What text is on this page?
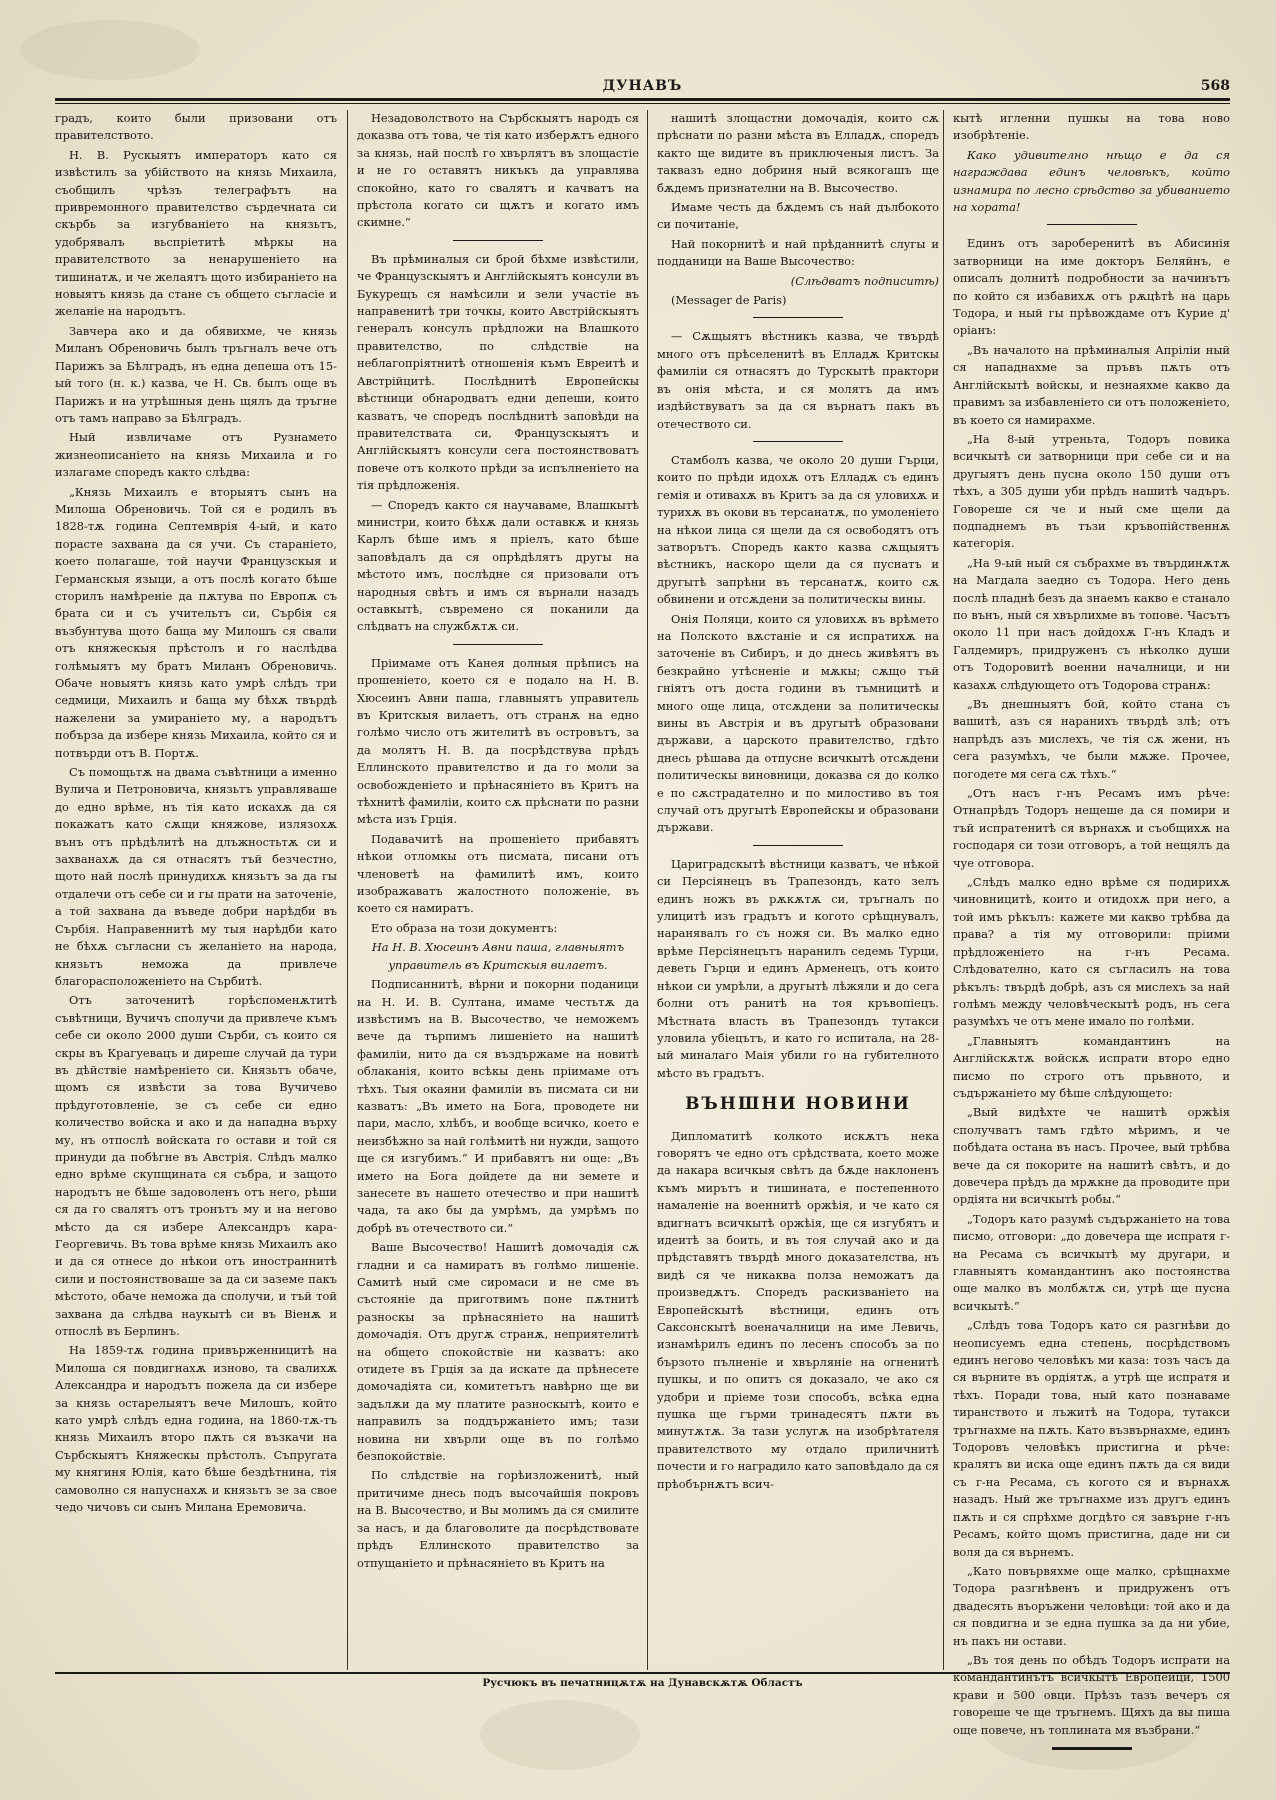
ДУНАВЪ	568

градъ, които были призовани отъ правителството.

Н. В. Рускыятъ императоръ като ся извѣстилъ за убійството на князь Михаила, съобщилъ чрѣзъ телеграфътъ на привремонного правителство сърдечната си скърбь за изгубваніето на князьтъ, удобрявалъ вьспріетитѣ мѣркы на правителството за ненарушеніето на тишинатѫ, и че желаятъ щото избираніето на новыятъ князь да стане съ общето съгласіе и желаніе на народътъ.

Завчера ако и да обявихме, че князь Миланъ Обреновичь былъ тръгналъ вече отъ Парижъ за Бѣлградъ, нъ една депеша отъ 15-ый того (н. к.) казва, че Н. Св. былъ още въ Парижъ и на утрѣшныя день щялъ да тръгне отъ тамъ направо за Бѣлградъ.

Ный извличаме отъ Рузнамето жизнеописаніето на князь Михаила и го излагаме споредъ както слѣдва:

„Князь Михаилъ е вторыятъ сынъ на Милоша Обреновичь. Той ся е родилъ въ 1828-тѫ година Септемврія 4-ый, и като порасте захвана да ся учи. Съ стараніето, което полагаше, той научи Французскыя и Германскыя языци, а отъ послѣ когато бѣше сторилъ намѣреніе да пѫтува по Европѫ съ брата си и съ учительтъ си, Сърбія ся възбунтува щото баща му Милошъ ся свали отъ княжескыя прѣстолъ и го наслѣдва голѣмыятъ му братъ Миланъ Обреновичь. Обаче новыятъ князь като умрѣ слѣдъ три седмици, Михаилъ и баща му бѣхѫ твърдѣ нажелени за умираніето му, а народътъ побърза да избере князь Михаила, който ся и потвърди отъ В. Портѫ.

Съ помощьтѫ на двама съвѣтници а именно Вулича и Петроновича, князьтъ управляваше до едно врѣме, нъ тія като искахѫ да ся покажатъ като сѫщи княжове, излязохѫ вънъ отъ прѣдѣлитѣ на длъжностьтѫ си и захванахѫ да ся отнасятъ тъй безчестно, щото най послѣ принудихѫ князьтъ за да гы отдалечи отъ себе си и гы прати на заточеніе, а той захвана да въведе добри нарѣдби въ Сърбія. Направеннитѣ му тыя нарѣдби като не бѣхѫ съгласни съ желаніето на народа, князьтъ неможа да привлече благорасположеніето на Сърбитѣ.

Отъ заточенитѣ горѣспоменѫтитѣ съвѣтници, Вучичъ сполучи да привлече къмъ себе си около 2000 души Сърби, съ които ся скры въ Крагуевацъ и диреше случай да тури въ дѣйствіе намѣреніето си. Князьтъ обаче, щомъ ся извѣсти за това Вучичево прѣдуготовленіе, зе съ себе си едно количество войска и ако и да нападна върху му, нъ отпослѣ войската го остави и той ся принуди да побѣгне въ Австрія. Слѣдъ малко едно врѣме скупщината ся събра, и защото народътъ не бѣше задоволенъ отъ него, рѣши ся да го свалятъ отъ тронътъ му и на негово мѣсто да ся избере Александръ кара-Георгевичь. Въ това врѣме князь Михаилъ ако и да ся отнесе до нѣкои отъ иностраннитѣ сили и постоянствоваше за да си заземе пакъ мѣстото, обаче неможа да сполучи, и тъй той захвана да слѣдва наукытѣ си въ Віенѫ и отпослѣ въ Берлинъ.

На 1859-тѫ година привърженницитѣ на Милоша ся повдигнахѫ изново, та свалихѫ Александра и народътъ пожела да си избере за князь остарелыятъ вече Милошъ, който като умрѣ слѣдъ една година, на 1860-тѫ-тъ князь Михаилъ второ пѫть ся възкачи на Сърбскыятъ Княжескы прѣстолъ. Съпругата му княгиня Юлія, като бѣше бездѣтнина, тія самоволно ся напуснахѫ и князьтъ зе за свое чедо чичовъ си сынъ Милана Еремовича.

Незадоволството на Сърбскыятъ народъ ся доказва отъ това, че тія като изберѫтъ едного за князь, най послѣ го хвърлятъ въ злощастіе и не го оставятъ никъкъ да управлява спокойно, като го свалятъ и качватъ на прѣстола когато си щѫтъ и когато имъ скимне.“

Въ прѣминалыя си брой бѣхме извѣстили, че Французскыятъ и Англійскыятъ консули въ Букурещъ ся намѣсили и зели участіе въ направенитѣ три точкы, които Австрійскыятъ генералъ консулъ прѣдложи на Влашкото правителство, по слѣдствіе на неблагопріятнитѣ отношенія къмъ Евреитѣ и Австрійцитѣ. Послѣднитѣ Европейскы вѣстници обнародватъ едни депеши, които казватъ, че споредъ послѣднитѣ заповѣди на правителствата си, Французскыятъ и Англійскыятъ консули сега постоянствоватъ повече отъ колкото прѣди за испълненіето на тія прѣдложенія.

— Споредъ както ся научаваме, Влашкытѣ министри, които бѣхѫ дали оставкѫ и князь Карлъ бѣше имъ я пріелъ, като бѣше заповѣдалъ да ся опрѣдѣлятъ другы на мѣстото имъ, послѣдне ся призовали отъ народныя свѣтъ и имъ ся върнали назадъ оставкытѣ, съвремено ся поканили да слѣдватъ на службѫтѫ си.

Пріимаме отъ Канея долныя прѣписъ на прошеніето, което ся е подало на Н. В. Хюсеинъ Авни паша, главныятъ управитель въ Критскыя вилаетъ, отъ странѫ на едно голѣмо число отъ жителитѣ въ островътъ, за да молятъ Н. В. да посрѣдствува прѣдъ Еллинското правителство и да го моли за освобожденіето и прѣнасяніето въ Критъ на тѣхнитѣ фамиліи, които сѫ прѣснати по разни мѣста изъ Грція.

Подавачитѣ на прошеніето прибавятъ нѣкои отломкы отъ писмата, писани отъ членоветѣ на фамилитѣ имъ, които изображаватъ жалостното положеніе, въ което ся намиратъ.

Ето образа на този документъ:

На Н. В. Хюсеинъ Авни паша, главныятъ управитель въ Критскыя вилаетъ.

Подписаннитѣ, вѣрни и покорни поданици на Н. И. В. Султана, имаме честьтѫ да извѣстимъ на В. Высочество, че неможемъ вече да търпимъ лишеніето на нашитѣ фамиліи, нито да ся въздържаме на новитѣ облаканія, които всѣкы день пріимаме отъ тѣхъ. Тыя окаяни фамиліи въ писмата си ни казватъ: „Въ името на Бога, проводете ни пари, масло, хлѣбъ, и вообще всичко, което е неизбѣжно за най голѣмитѣ ни нужди, защото ще ся изгубимъ.“ И прибавятъ ни още: „Въ името на Бога дойдете да ни земете и занесете въ нашето отечество и при нашитѣ чада, та ако бы да умрѣмъ, да умрѣмъ по добрѣ въ отечеството си.“

Ваше Высочество! Нашитѣ домочадія сѫ гладни и са намиратъ въ голѣмо лишеніе. Самитѣ ный сме сиромаси и не сме въ състояніе да приготвимъ поне пѫтнитѣ разноскы за прѣнасяніето на нашитѣ домочадія. Отъ другѫ странѫ, неприятелитѣ на общето спокойствіе ни казватъ: ако отидете въ Грція за да искате да прѣнесете домочадіята си, комитетътъ навѣрно ще ви задълѫи да му платите разноскытѣ, които е направилъ за поддържаніето имъ; тази новина ни хвърли още въ по голѣмо безпокойствіе.

По слѣдствіе на горѣизложенитѣ, ный притичиме днесь подъ высочайшія покровъ на В. Высочество, и Вы молимъ да ся смилите за насъ, и да благоволите да посрѣдствовате прѣдъ Еллинското правителство за отпущаніето и прѣнасяніето въ Критъ на

нашитѣ злощастни домочадія, които сѫ прѣснати по разни мѣста въ Елладѫ, споредъ както ще видите въ приключеныя листъ. За таквазъ едно добриня ный всякогашъ ще бѫдемъ признателни на В. Высочество.

Имаме честь да бѫдемъ съ най дълбокото си почитаніе,

Най покорнитѣ и най прѣданнитѣ слугы и подданици на Ваше Высочество:

(Слѣдватъ подписитѣ)

(Messager de Paris)

— Сѫщыятъ вѣстникъ казва, че твърдѣ много отъ прѣселенитѣ въ Елладѫ Критскы фамиліи ся отнасятъ до Турскытѣ практори въ онія мѣста, и ся молятъ да имъ издѣйствуватъ за да ся върнатъ пакъ въ отечеството си.

Стамболъ казва, че около 20 души Гърци, които по прѣди идохѫ отъ Елладѫ съ единъ гемія и отивахѫ въ Критъ за да ся уловихѫ и турихѫ въ окови въ терсанатѫ, по умоленіето на нѣкои лица ся щели да ся освободятъ отъ затворътъ. Споредъ както казва сѫщыятъ вѣстникъ, наскоро щели да ся пуснатъ и другытѣ запрѣни въ терсанатѫ, които сѫ обвинени и отсѫдени за политическы вины.

Онія Поляци, които ся уловихѫ въ врѣмето на Полското вѫстаніе и ся испратихѫ на заточеніе въ Сибиръ, и до днесь живѣятъ въ безкрайно утѣсненіе и мѫкы; сѫщо тъй гніятъ отъ доста години въ тъмницитѣ и много още лица, отсѫдени за политическы вины въ Австрія и въ другытѣ образовани държави, а царското правителство, гдѣто днесь рѣшава да отпусне всичкытѣ отсѫдени политическы виновници, доказва ся до колко е по сѫстрадателно и по милостиво въ тоя случай отъ другытѣ Европейскы и образовани държави.

Цариградскытѣ вѣстници казватъ, че нѣкой си Персіянецъ въ Трапезондъ, като зелъ единъ ножъ въ рѫкѫтѫ си, тръгналъ по улицитѣ изъ градътъ и когото срѣщнувалъ, наранявалъ го съ ножя си. Въ малко едно врѣме Персіянецътъ наранилъ седемь Турци, деветь Гърци и единъ Арменецъ, отъ които нѣкои си умрѣли, а другытѣ лѣжяли и до сега болни отъ ранитѣ на тоя кръвопіецъ. Мѣстната власть въ Трапезондъ тутакси уловила убіецътъ, и като го испитала, на 28-ый миналаго Маія убили го на губителното мѣсто въ градътъ.

ВЪНШНИ НОВИНИ

Дипломатитѣ колкото искѫтъ нека говорятъ че едно отъ срѣдствата, което може да накара всичкыя свѣтъ да бѫде наклоненъ къмъ мирътъ и тишината, е постепенното намаленіе на военнитѣ оржѣія, и че като ся вдигнатъ всичкытѣ оржѣія, ще ся изгубятъ и идеитѣ за боить, и въ тоя случай ако и да прѣдставятъ твърдѣ много доказателства, нъ видѣ ся че никаква полза неможатъ да произведѫтъ. Споредъ раскизваніето на Европейскытѣ вѣстници, единъ отъ Саксонскытѣ военачалници на име Левичь, изнамѣрилъ единъ по лесенъ способъ за по бързото пълненіе и хвърляніе на огненитѣ пушкы, и по опитъ ся доказало, че ако ся удобри и пріеме този способъ, всѣка една пушка ще гърми тринадесятъ пѫти въ минутѫтѫ. За тази услугѫ на изобрѣтателя правителството му отдало приличнитѣ почести и го наградило като заповѣдало да ся прѣобърнѫтъ всич-

кытѣ игленни пушкы на това ново изобрѣтеніе.

Како удивително нѣщо е да ся награждава единъ человѣкъ, който изнамира по лесно срѣдство за убиванието на хората!

Единъ отъ зароберенитѣ въ Абисинія затворници на име докторъ Беляйнъ, е описалъ долнитѣ подробности за начинътъ по който ся избавихѫ отъ рѫцѣтѣ на царь Тодора, и ный гы прѣвождаме отъ Курие д' оріанъ:

„Въ началото на прѣминалыя Апріліи ный ся нападнахме за пръвъ пѫть отъ Англійскытѣ войскы, и незнаяхме какво да правимъ за избавленіето си отъ положеніето, въ което ся намирахме.

„На 8-ый утреньта, Тодоръ повика всичкытѣ си затворници при себе си и на другыятъ день пусна около 150 души отъ тѣхъ, а 305 души уби прѣдъ нашитѣ чадъръ. Говореше ся че и ный сме щели да подпаднемъ въ тъзи кръвопійственнѫ категорія.

„На 9-ый ный ся събрахме въ твърдинѫтѫ на Магдала заедно съ Тодора. Него день послѣ пладнѣ безъ да знаемъ какво е станало по вънъ, ный ся хвърлихме въ топове. Часътъ около 11 при насъ дойдохѫ Г-нъ Кладъ и Галдемиръ, придруженъ съ нѣколко души отъ Тодоровитѣ военни началници, и ни казахѫ слѣдующето отъ Тодорова странѫ:

„Въ днешныятъ бой, който стана съ вашитѣ, азъ ся наранихъ твърдѣ злѣ; отъ напрѣдъ азъ мислехъ, че тія сѫ жени, нъ сега разумѣхъ, че были мѫже. Прочее, погодете мя сега сѫ тѣхъ.“

„Отъ насъ г-нъ Ресамъ имъ рѣче: Отнапрѣдъ Тодоръ нещеше да ся помири и тъй испратенитѣ ся върнахѫ и съобщихѫ на господаря си този отговоръ, а той нещялъ да чуе отговора.

„Слѣдъ малко едно врѣме ся подирихѫ чиновницитѣ, които и отидохѫ при него, а той имъ рѣкълъ: кажете ми какво трѣбва да права? а тія му отговорили: пріими прѣдложеніето на г-нъ Ресама. Слѣдователно, като ся съгласилъ на това рѣкълъ: твърдѣ добрѣ, азъ ся мислехъ за най голѣмъ между человѣческытѣ родъ, нъ сега разумѣхъ че отъ мене имало по голѣми.

„Главныятъ командантинъ на Англійскѫтѫ войскѫ испрати второ едно писмо по строго отъ прьвното, и съдържаніето му бѣше слѣдующето:

„Вый видѣхте че нашитѣ оржѣія сполучватъ тамъ гдѣто мѣримъ, и че побѣдата остана въ насъ. Прочее, вый трѣбва вече да ся покорите на нашитѣ свѣтъ, и до довечера прѣдъ да мрѫкне да проводите при ордіята ни всичкытѣ робы.“

„Тодоръ като разумѣ съдържаніето на това писмо, отговори: „до довечера ще испратя г-на Ресама съ всичкытѣ му другари, и главныятъ командантинъ ако постоянства още малко въ молбѫтѫ си, утрѣ ще пусна всичкытѣ.“

„Слѣдъ това Тодоръ като ся разгнѣви до неописуемъ една степень, посрѣдствомъ единъ негово человѣкъ ми каза: тозъ часъ да ся върните въ ордіятѫ, а утрѣ ще испратя и тѣхъ. Поради това, ный като познаваме тиранството и лъжитѣ на Тодора, тутакси тръгнахме на пѫть. Като възвърнахме, единъ Тодоровъ человѣкъ пристигна и рѣче: кралятъ ви иска още единъ пѫть да ся види съ г-на Ресама, съ когото ся и върнахѫ назадъ. Ный же тръгнахме изъ другъ единъ пѫть и ся спрѣхме догдѣто ся завърне г-нъ Ресамъ, който щомъ пристигна, даде ни си воля да ся върнемъ.

„Като повървяхме още малко, срѣщнахме Тодора разгнѣвенъ и придруженъ отъ двадесять въоръжени человѣци: той ако и да ся повдигна и зе една пушка за да ни убие, нъ пакъ ни остави.

„Въ тоя день по обѣдъ Тодоръ испрати на командантинътъ всичкытѣ Европейци, 1500 крави и 500 овци. Прѣзъ тазъ вечеръ ся говореше че ще тръгнемъ. Щяхъ да вы пиша още повече, нъ топлината мя възбрани.“

Русчюкъ въ печатницѫтѫ на Дунавскѫтѫ Областъ
